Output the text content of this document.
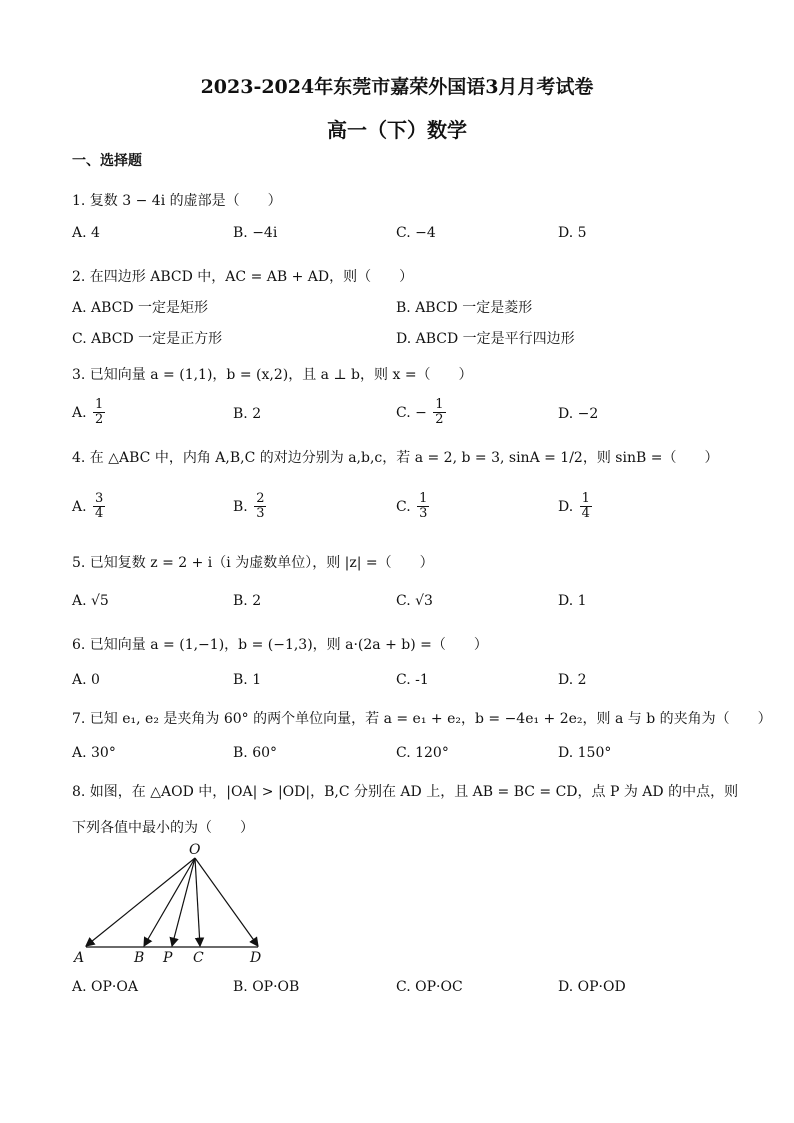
2023-2024年东莞市嘉荣外国语3月月考试卷
高一（下）数学
一、选择题
1. 复数 3 − 4i 的虚部是（　　）
A. 4	B. −4i	C. −4	D. 5
2. 在四边形 ABCD 中，AC = AB + AD，则（　　）
A. ABCD 一定是矩形	B. ABCD 一定是菱形
C. ABCD 一定是正方形	D. ABCD 一定是平行四边形
3. 已知向量 a = (1,1)，b = (x,2)，且 a ⊥ b，则 x =（　　）
A. $\frac{1}{2}$	B. 2	C. − $\frac{1}{2}$	D. −2
4. 在 △ABC 中，内角 A,B,C 的对边分别为 a,b,c，若 a = 2, b = 3, sinA = 1/2，则 sinB =（　　）
A. $\frac{3}{4}$	B. $\frac{2}{3}$	C. $\frac{1}{3}$	D. $\frac{1}{4}$
5. 已知复数 z = 2 + i（i 为虚数单位），则 |z| =（　　）
A. √5	B. 2	C. √3	D. 1
6. 已知向量 a = (1,−1)，b = (−1,3)，则 a·(2a + b) =（　　）
A. 0	B. 1	C. -1	D. 2
7. 已知 e₁, e₂ 是夹角为 60° 的两个单位向量，若 a = e₁ + e₂，b = −4e₁ + 2e₂，则 a 与 b 的夹角为（　　）
A. 30°	B. 60°	C. 120°	D. 150°
8. 如图，在 △AOD 中，|OA| > |OD|，B,C 分别在 AD 上，且 AB = BC = CD，点 P 为 AD 的中点，则
下列各值中最小的为（　　）
O
A	B P C	D
A. OP·OA	B. OP·OB	C. OP·OC	D. OP·OD
